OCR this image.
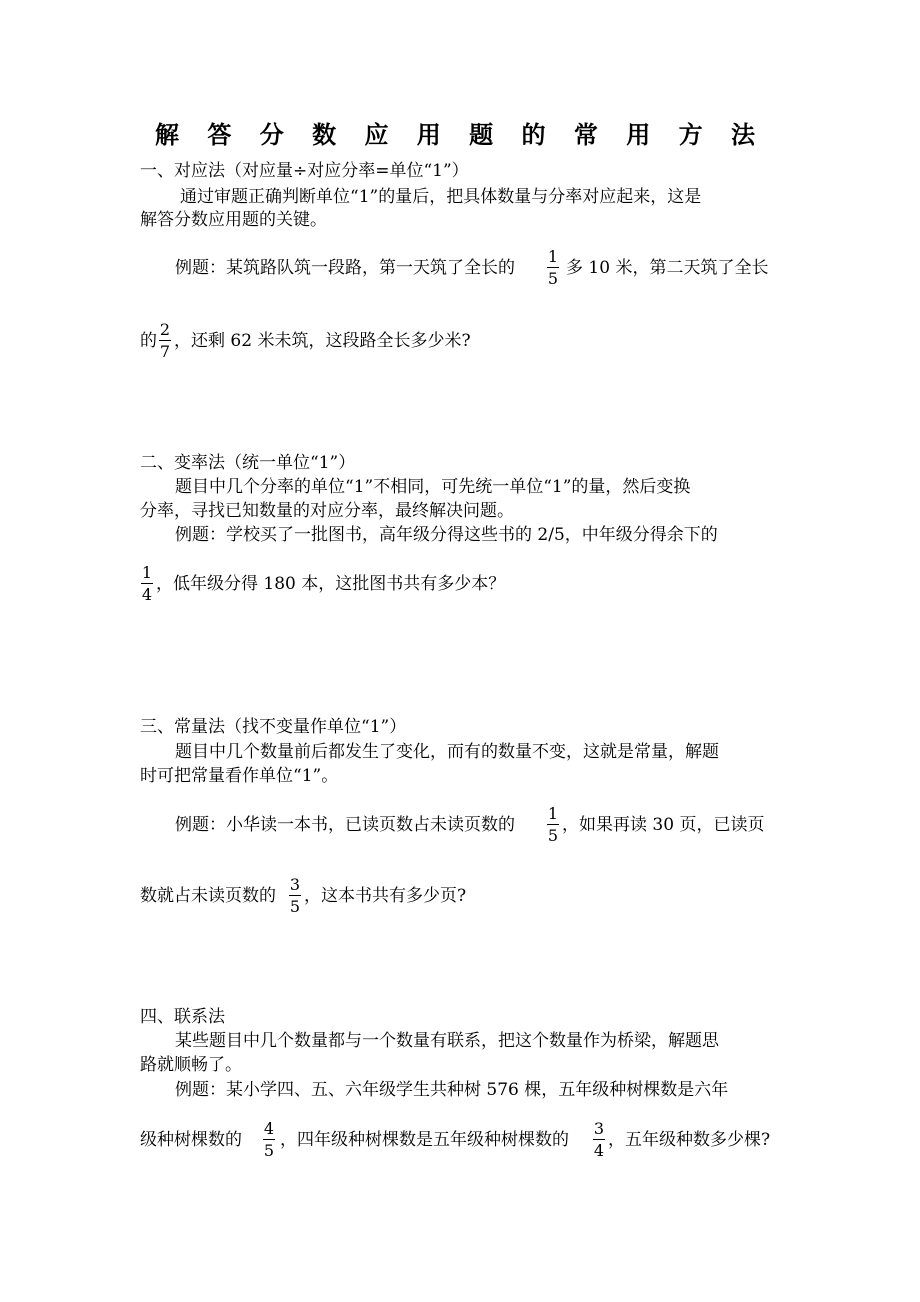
解 答 分 数 应 用 题 的 常 用 方 法
一、对应法（对应量÷对应分率=单位“1”）
通过审题正确判断单位“1”的量后，把具体数量与分率对应起来，这是
解答分数应用题的关键。
例题：某筑路队筑一段路，第一天筑了全长的
1
5
多 10 米，第二天筑了全长
的
2
7
，还剩 62 米未筑，这段路全长多少米?
二、变率法（统一单位“1”）
题目中几个分率的单位“1”不相同，可先统一单位“1”的量，然后变换
分率，寻找已知数量的对应分率，最终解决问题。
例题：学校买了一批图书，高年级分得这些书的 2/5，中年级分得余下的
1
4
，低年级分得 180 本，这批图书共有多少本？
三、常量法（找不变量作单位“1”）
题目中几个数量前后都发生了变化，而有的数量不变，这就是常量，解题
时可把常量看作单位“1”。
例题：小华读一本书，已读页数占未读页数的
1
5
，如果再读 30 页，已读页
数就占未读页数的
3
5
，这本书共有多少页?
四、联系法
某些题目中几个数量都与一个数量有联系，把这个数量作为桥梁，解题思
路就顺畅了。
例题：某小学四、五、六年级学生共种树 576 棵，五年级种树棵数是六年
级种树棵数的
4
5
，四年级种树棵数是五年级种树棵数的
3
4
，五年级种数多少棵?
